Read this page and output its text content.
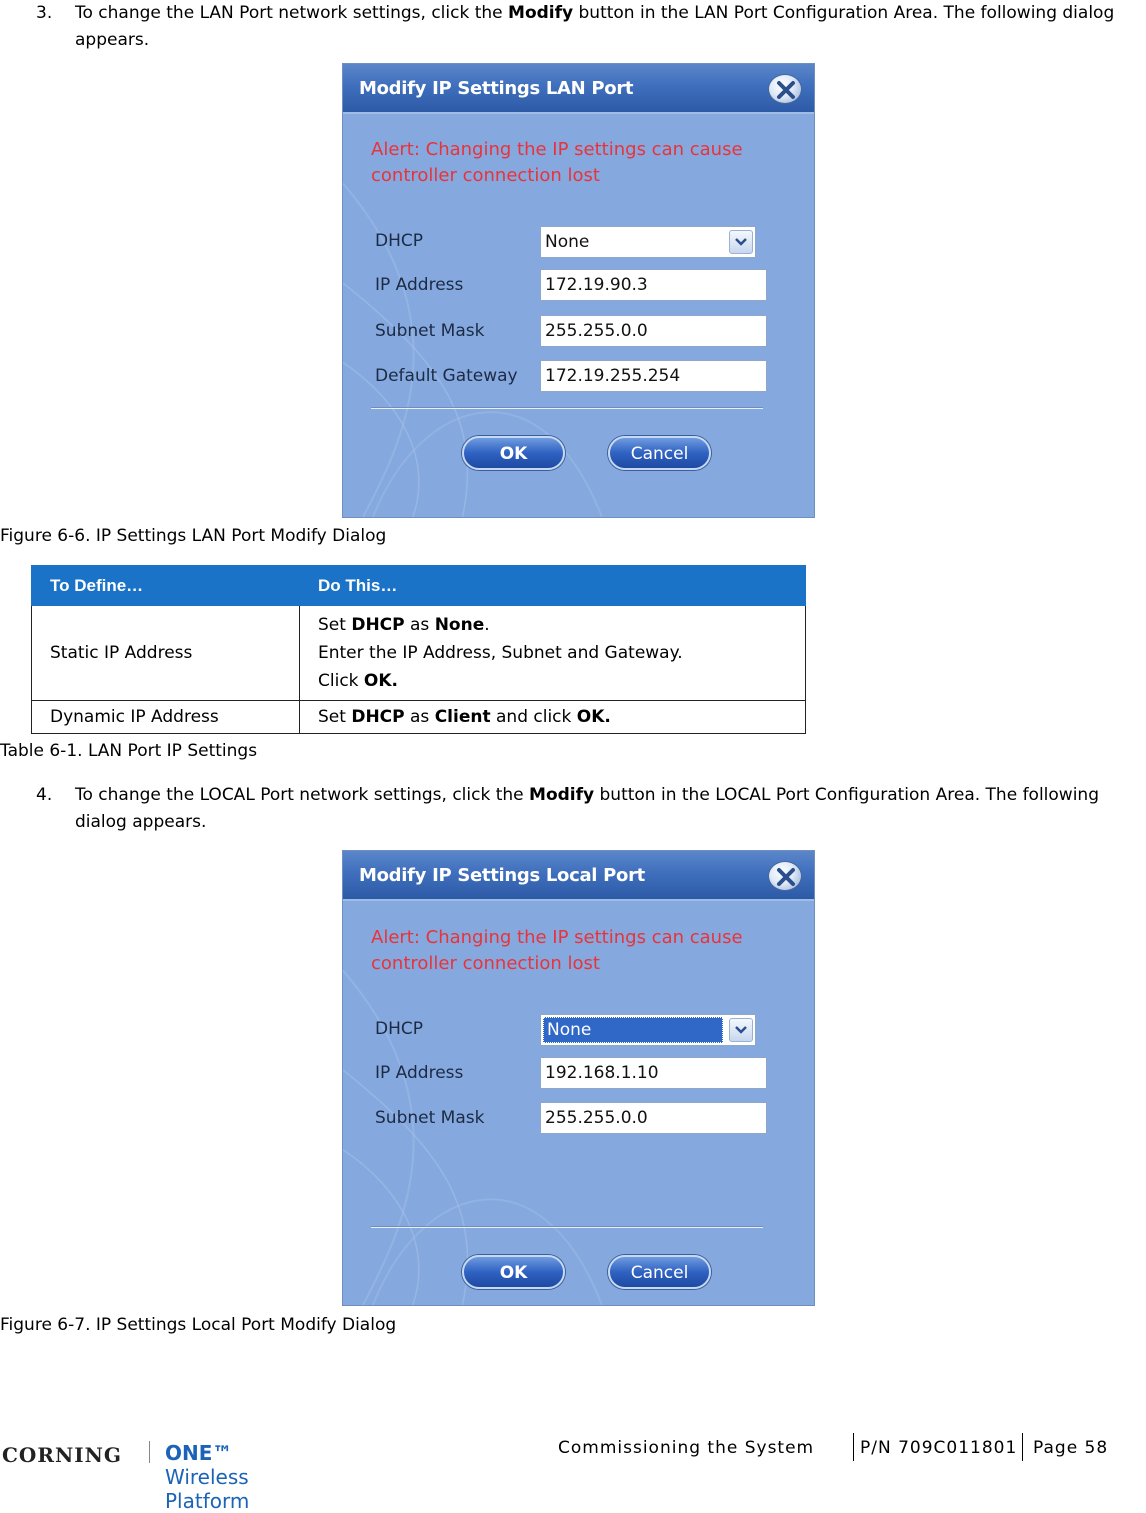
3. To change the LAN Port network settings, click the Modify button in the LAN Port Configuration Area. The following dialog appears.
Modify IP Settings LAN Port
Alert: Changing the IP settings can cause
controller connection lost
DHCP	None
IP Address	172.19.90.3
Subnet Mask	255.255.0.0
Default Gateway 172.19.255.254
OK	Cancel
Figure 6-6. IP Settings LAN Port Modify Dialog
To Define…	Do This…
Static IP Address	Set DHCP as None.
Enter the IP Address, Subnet and Gateway.
Click OK.

Dynamic IP Address	Set DHCP as Client and click OK.
Table 6-1. LAN Port IP Settings
4. To change the LOCAL Port network settings, click the Modify button in the LOCAL Port Configuration Area. The following dialog appears.
Modify IP Settings Local Port
Alert: Changing the IP settings can cause
controller connection lost
DHCP	None
IP Address	192.168.1.10
Subnet Mask	255.255.0.0
OK	Cancel
Figure 6-7. IP Settings Local Port Modify Dialog
CORNING ONE™ Wireless Platform
Commissioning the System	P/N 709C011801 Page 58
